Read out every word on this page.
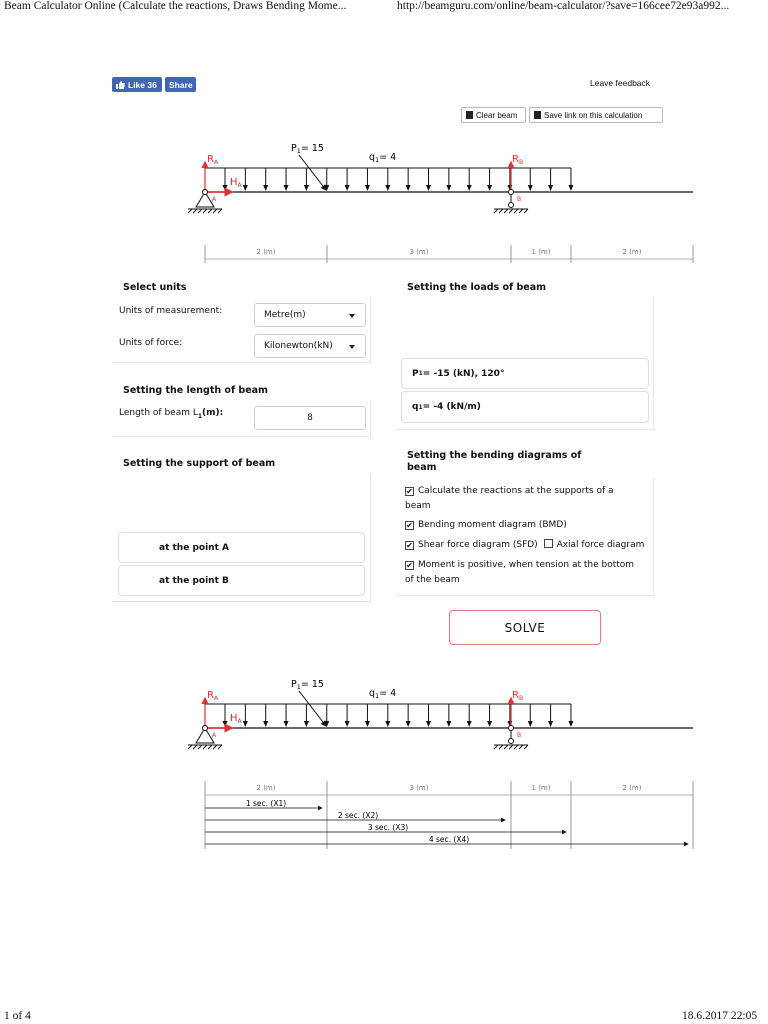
Beam Calculator Online (Calculate the reactions, Draws Bending Mome...	http://beamguru.com/online/beam-calculator/?save=166cee72e93a992...
Like
36	Share	Leave feedback
Clear beam	Save link on this calculation
$P_1= 15$
$q_1= 4$
$R_A$	$R_B$
$H_A$
A	B
2 (m)	3 (m)	1 (m)	2 (m)
Select units
Units of measurement:	Metre(m)
Units of force:	Kilonewton(kN)
Setting the length of beam
Length of beam $L_1(m)$:	8
Setting the support of beam
at the point A
at the point B
Setting the loads of beam
P 1 = -15 (kN), 120°
q 1 = -4 (kN/m)
Setting the bending diagrams of
beam
✔ Calculate the reactions at the supports of a
beam
✔ Bending moment diagram (BMD)
✔ Shear force diagram (SFD) Axial force diagram
✔ Moment is positive, when tension at the bottom
of the beam
SOLVE
$P_1= 15$
$q_1= 4$
$R_A$	$R_B$
$H_A$
A	B
2 (m)	3 (m)	1 (m)	2 (m)
1 sec. (X1)
2 sec. (X2)
3 sec. (X3)
4 sec. (X4)
1 of 4	18.6.2017 22:05
